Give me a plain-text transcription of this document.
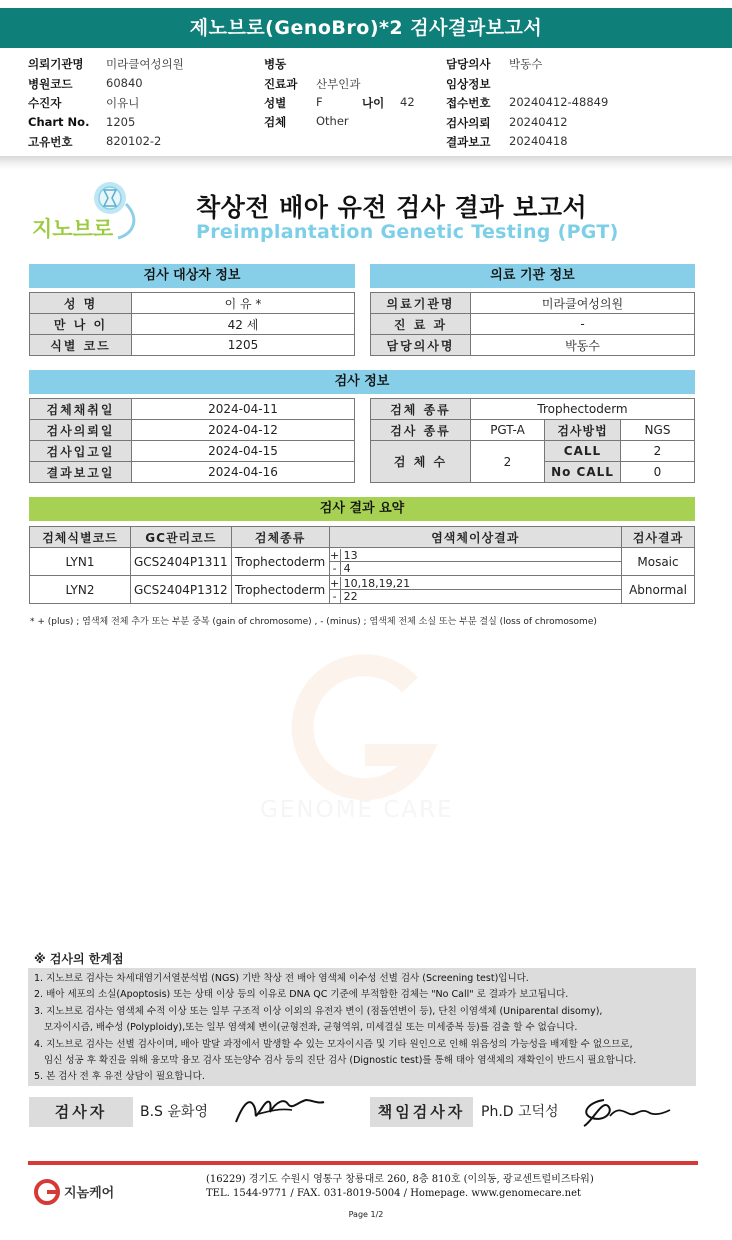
제노브로(GenoBro)*2 검사결과보고서
의뢰기관명 미라클여성의원
병원코드	60840
수진자	이유니
Chart No. 1205
고유번호	820102-2
병동
진료과 산부인과
성별	F	나이 42
검체	Other
담당의사 박동수
임상정보
접수번호 20240412-48849
검사의뢰 20240412
결과보고 20240418
지노브로
착상전 배아 유전 검사 결과 보고서
Preimplantation Genetic Testing (PGT)
검사 대상자 정보
성 명	이 유 *
만 나 이	42 세
식별 코드	1205
의료 기관 정보
의료기관명	미라클여성의원
진 료 과	-
담당의사명	박동수
검사 정보
검체채취일	2024-04-11
검사의뢰일	2024-04-12
검사입고일	2024-04-15
결과보고일	2024-04-16
검체 종류	Trophectoderm		
검사 종류	PGT-A	검사방법	NGS
검 체 수	2	CALL	2
		No CALL	0
검사 결과 요약
검체식별코드	GC관리코드	검체종류	염색체이상결과	검사결과
LYN1	GCS2404P1311	Trophectoderm	+ 13
- 4	Mosaic
LYN2	GCS2404P1312	Trophectoderm	+ 10,18,19,21
- 22	Abnormal
* + (plus) ; 염색체 전체 추가 또는 부분 중복 (gain of chromosome) , - (minus) ; 염색체 전체 소실 또는 부분 결실 (loss of chromosome)
GENOME CARE
※ 검사의 한계점
1. 지노브로 검사는 차세대염기서열분석법 (NGS) 기반 착상 전 배아 염색체 이수성 선별 검사 (Screening test)입니다.
2. 배아 세포의 소실(Apoptosis) 또는 상태 이상 등의 이유로 DNA QC 기준에 부적합한 검체는 "No Call" 로 결과가 보고됩니다.
3. 지노브로 검사는 염색체 수적 이상 또는 일부 구조적 이상 이외의 유전자 변이 (점돌연변이 등), 단친 이염색체 (Uniparental disomy),
모자이시즘, 배수성 (Polyploidy),또는 일부 염색체 변이(균형전좌, 균형역위, 미세결실 또는 미세중복 등)를 검출 할 수 없습니다.
4. 지노브로 검사는 선별 검사이며, 배아 발달 과정에서 발생할 수 있는 모자이시즘 및 기타 원인으로 인해 위음성의 가능성을 배제할 수 없으므로,
임신 성공 후 확진을 위해 융모막 융모 검사 또는양수 검사 등의 진단 검사 (Dignostic test)를 통해 태아 염색체의 재확인이 반드시 필요합니다.
5. 본 검사 전 후 유전 상담이 필요합니다.
검사자	B.S 윤화영	책임검사자	Ph.D 고덕성
지놈케어
(16229) 경기도 수원시 영통구 창룡대로 260, 8층 810호 (이의동, 광교센트럴비즈타워)
TEL. 1544-9771 / FAX. 031-8019-5004 / Homepage. www.genomecare.net
Page 1/2
